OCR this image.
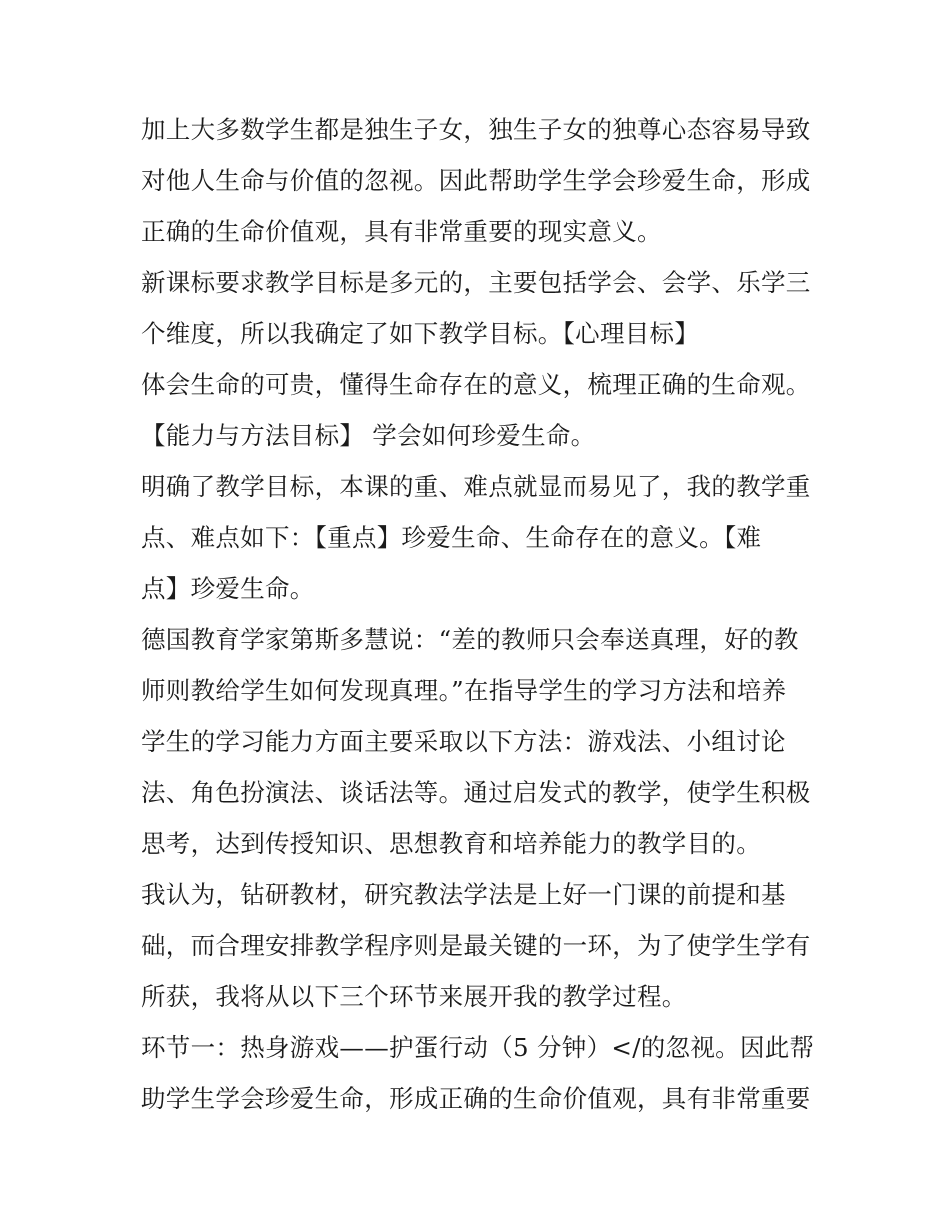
加上大多数学生都是独生子女，独生子女的独尊心态容易导致
对他人生命与价值的忽视。因此帮助学生学会珍爱生命，形成
正确的生命价值观，具有非常重要的现实意义。
新课标要求教学目标是多元的，主要包括学会、会学、乐学三
个维度，所以我确定了如下教学目标。【心理目标】
体会生命的可贵，懂得生命存在的意义，梳理正确的生命观。
【能力与方法目标】 学会如何珍爱生命。
明确了教学目标，本课的重、难点就显而易见了，我的教学重
点、难点如下：【重点】珍爱生命、生命存在的意义。【难
点】珍爱生命。
德国教育学家第斯多慧说：“差的教师只会奉送真理，好的教
师则教给学生如何发现真理。”在指导学生的学习方法和培养
学生的学习能力方面主要采取以下方法：游戏法、小组讨论
法、角色扮演法、谈话法等。通过启发式的教学，使学生积极
思考，达到传授知识、思想教育和培养能力的教学目的。
我认为，钻研教材，研究教法学法是上好一门课的前提和基
础，而合理安排教学程序则是最关键的一环，为了使学生学有
所获，我将从以下三个环节来展开我的教学过程。
环节一：热身游戏——护蛋行动（5 分钟）</的忽视。因此帮
助学生学会珍爱生命，形成正确的生命价值观，具有非常重要
